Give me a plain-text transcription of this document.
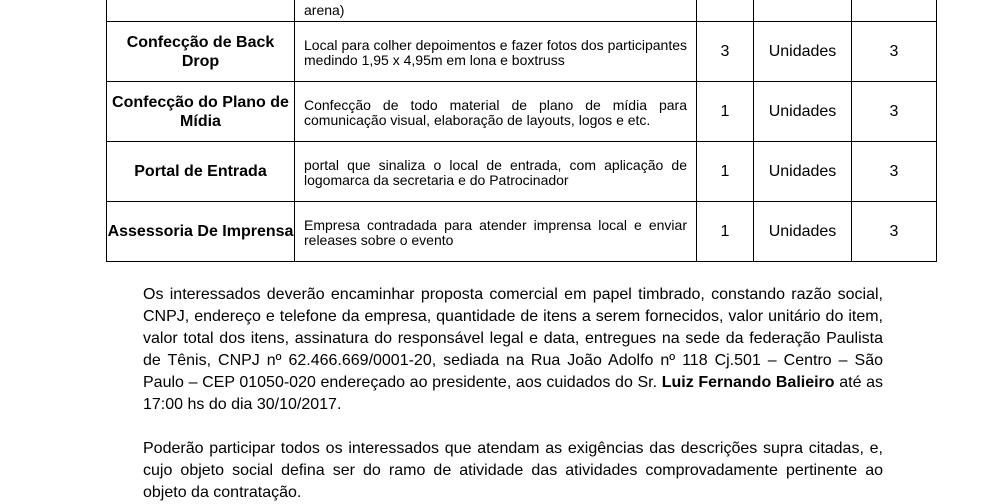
	arena)			

Confecção de Back Drop	Local para colher depoimentos e fazer fotos dos participantes medindo 1,95 x 4,95m em lona e boxtruss	3	Unidades	3
Confecção do Plano de Mídia	Confecção de todo material de plano de mídia para comunicação visual, elaboração de layouts, logos e etc.	1	Unidades	3
Portal de Entrada	portal que sinaliza o local de entrada, com aplicação de logomarca da secretaria e do Patrocinador	1	Unidades	3
Assessoria De Imprensa	Empresa contradada para atender imprensa local e enviar releases sobre o evento	1	Unidades	3

Os interessados deverão encaminhar proposta comercial em papel timbrado, constando razão social, CNPJ, endereço e telefone da empresa, quantidade de itens a serem fornecidos, valor unitário do item, valor total dos itens, assinatura do responsável legal e data, entregues na sede da federação Paulista de Tênis, CNPJ nº 62.466.669/0001-20, sediada na Rua João Adolfo nº 118 Cj.501 – Centro – São Paulo – CEP 01050-020 endereçado ao presidente, aos cuidados do Sr. Luiz Fernando Balieiro até as 17:00 hs do dia 30/10/2017.

Poderão participar todos os interessados que atendam as exigências das descrições supra citadas, e, cujo objeto social defina ser do ramo de atividade das atividades comprovadamente pertinente ao objeto da contratação.
